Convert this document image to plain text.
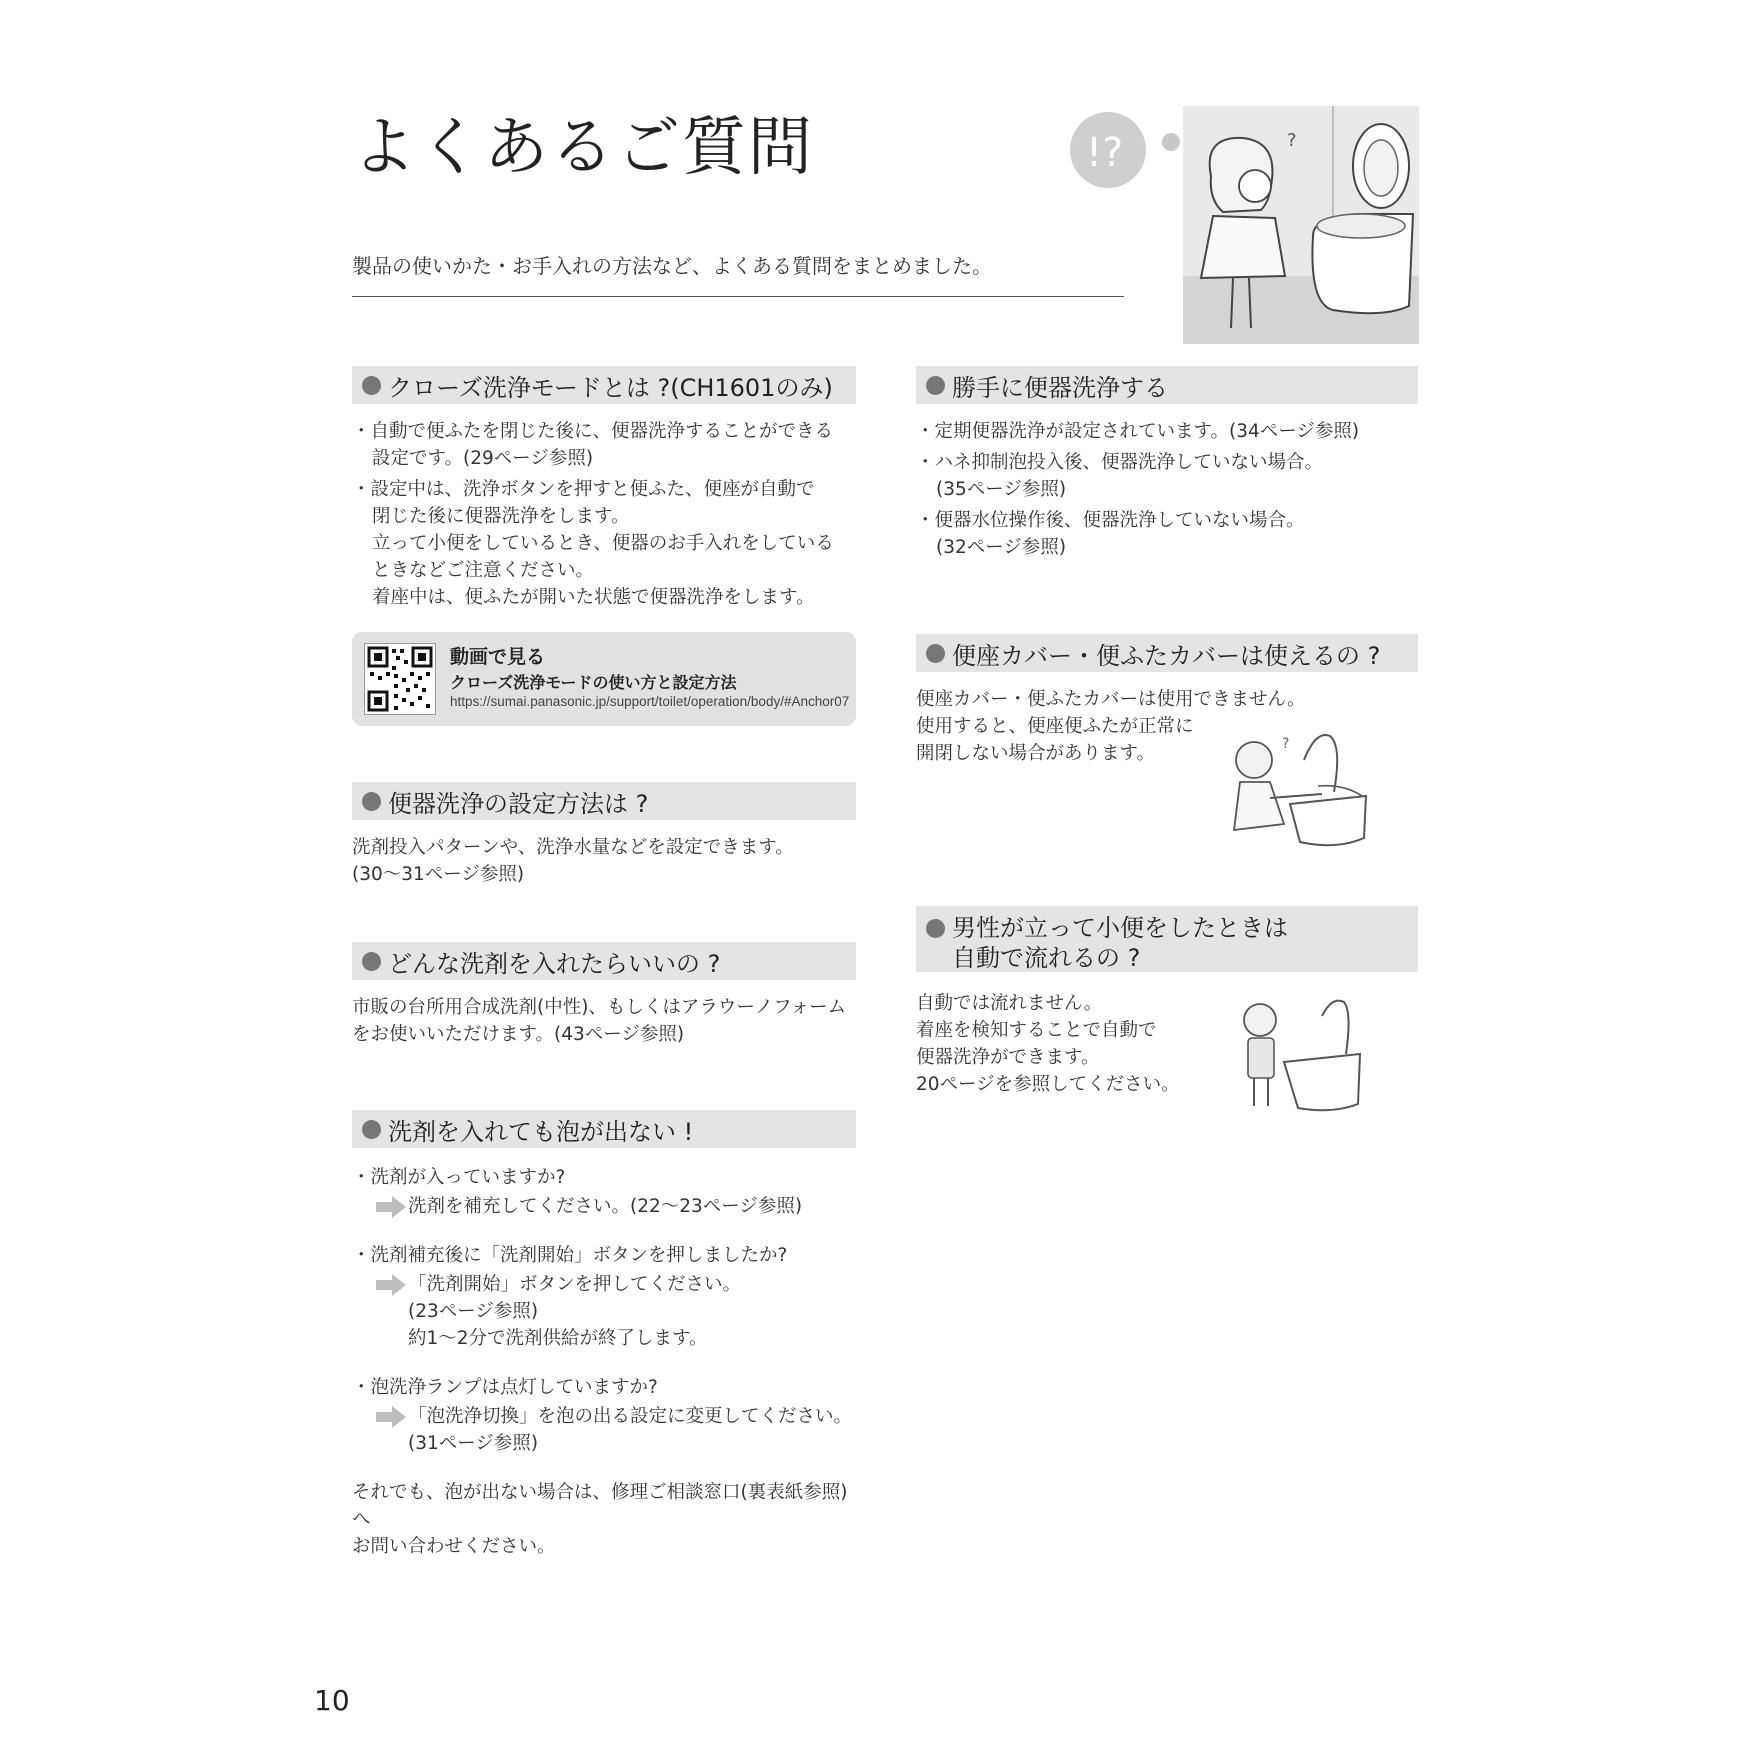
よくあるご質問
製品の使いかた・お手入れの方法など、よくある質問をまとめました。
!?	?
クローズ洗浄モードとは ?(CH1601のみ)
・自動で便ふたを閉じた後に、便器洗浄することができる
設定です。(29ページ参照)
・設定中は、洗浄ボタンを押すと便ふた、便座が自動で
閉じた後に便器洗浄をします。
立って小便をしているとき、便器のお手入れをしている
ときなどご注意ください。
着座中は、便ふたが開いた状態で便器洗浄をします。
動画で見る
クローズ洗浄モードの使い方と設定方法
https://sumai.panasonic.jp/support/toilet/operation/body/#Anchor07
便器洗浄の設定方法は ?
洗剤投入パターンや、洗浄水量などを設定できます。
(30〜31ページ参照)
どんな洗剤を入れたらいいの ?
市販の台所用合成洗剤(中性)、もしくはアラウーノフォーム
をお使いいただけます。(43ページ参照)
洗剤を入れても泡が出ない !
・洗剤が入っていますか?
洗剤を補充してください。(22〜23ページ参照)
・洗剤補充後に「洗剤開始」ボタンを押しましたか?
「洗剤開始」ボタンを押してください。
(23ページ参照)
約1〜2分で洗剤供給が終了します。
・泡洗浄ランプは点灯していますか?
「泡洗浄切換」を泡の出る設定に変更してください。
(31ページ参照)
それでも、泡が出ない場合は、修理ご相談窓口(裏表紙参照)へ
お問い合わせください。
勝手に便器洗浄する
・定期便器洗浄が設定されています。(34ページ参照)
・ハネ抑制泡投入後、便器洗浄していない場合。
(35ページ参照)
・便器水位操作後、便器洗浄していない場合。
(32ページ参照)
便座カバー・便ふたカバーは使えるの ?
便座カバー・便ふたカバーは使用できません。
使用すると、便座便ふたが正常に
開閉しない場合があります。	?
男性が立って小便をしたときは
自動で流れるの ?
自動では流れません。
着座を検知することで自動で
便器洗浄ができます。
20ページを参照してください。
10
